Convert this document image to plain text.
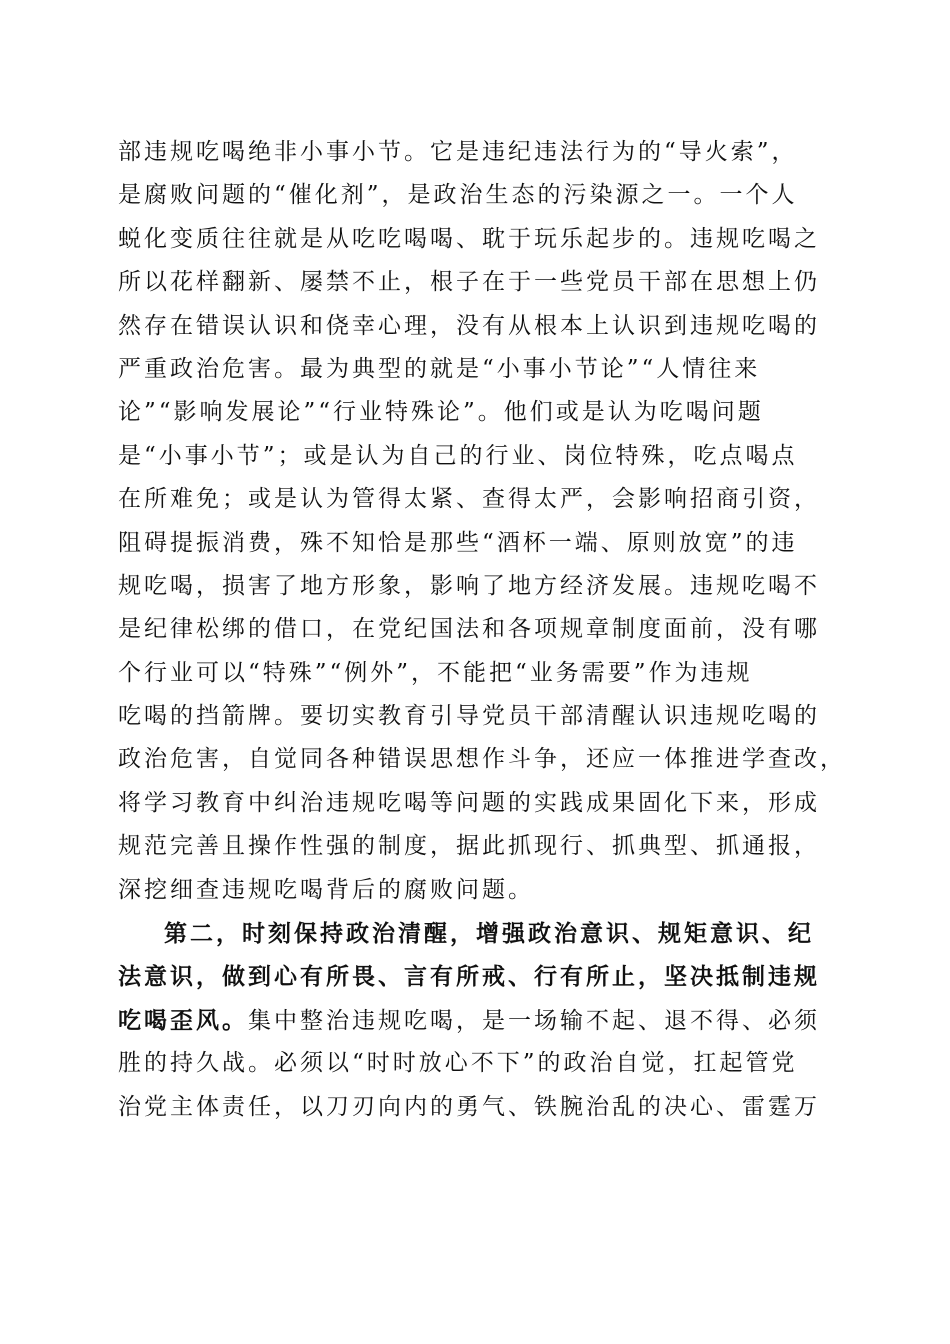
部违规吃喝绝非小事小节。它是违纪违法行为的“导火索”，
是腐败问题的“催化剂”，是政治生态的污染源之一。一个人
蜕化变质往往就是从吃吃喝喝、耽于玩乐起步的。违规吃喝之
所以花样翻新、屡禁不止，根子在于一些党员干部在思想上仍
然存在错误认识和侥幸心理，没有从根本上认识到违规吃喝的
严重政治危害。最为典型的就是“小事小节论”“人情往来
论”“影响发展论”“行业特殊论”。他们或是认为吃喝问题
是“小事小节”；或是认为自己的行业、岗位特殊，吃点喝点
在所难免；或是认为管得太紧、查得太严，会影响招商引资，
阻碍提振消费，殊不知恰是那些“酒杯一端、原则放宽”的违
规吃喝，损害了地方形象，影响了地方经济发展。违规吃喝不
是纪律松绑的借口，在党纪国法和各项规章制度面前，没有哪
个行业可以“特殊”“例外”，不能把“业务需要”作为违规
吃喝的挡箭牌。要切实教育引导党员干部清醒认识违规吃喝的
政治危害，自觉同各种错误思想作斗争，还应一体推进学查改，
将学习教育中纠治违规吃喝等问题的实践成果固化下来，形成
规范完善且操作性强的制度，据此抓现行、抓典型、抓通报，
深挖细查违规吃喝背后的腐败问题。
第二，时刻保持政治清醒，增强政治意识、规矩意识、纪
法意识，做到心有所畏、言有所戒、行有所止，坚决抵制违规
吃喝歪风。集中整治违规吃喝，是一场输不起、退不得、必须
胜的持久战。必须以“时时放心不下”的政治自觉，扛起管党
治党主体责任，以刀刃向内的勇气、铁腕治乱的决心、雷霆万
